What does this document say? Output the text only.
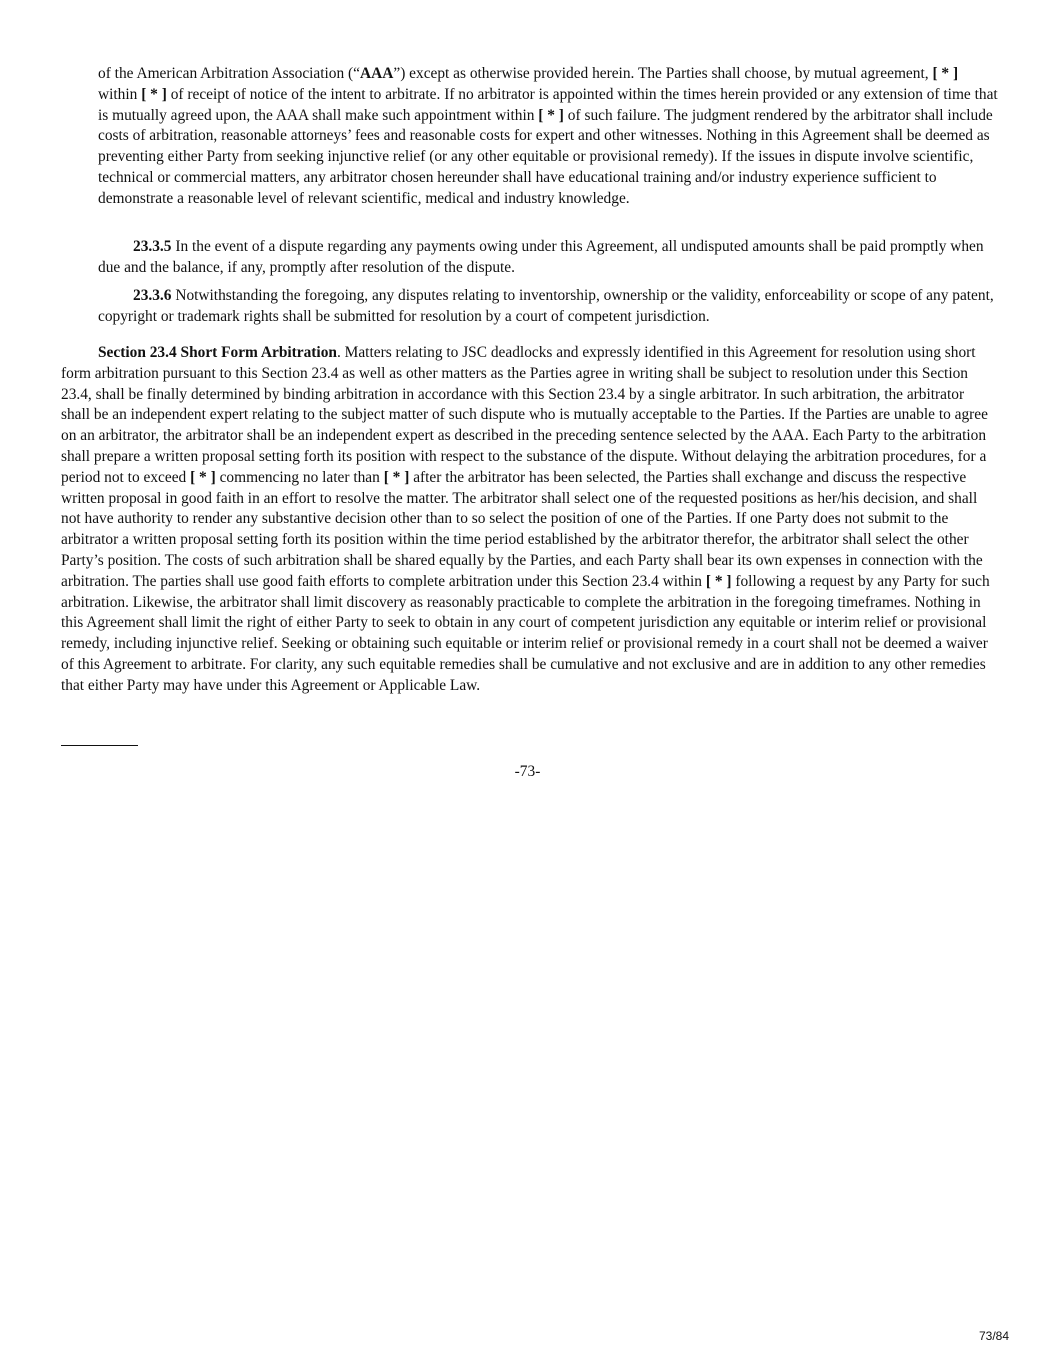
of the American Arbitration Association (“AAA”) except as otherwise provided herein. The Parties shall choose, by mutual agreement, [ * ] within [ * ] of receipt of notice of the intent to arbitrate. If no arbitrator is appointed within the times herein provided or any extension of time that is mutually agreed upon, the AAA shall make such appointment within [ * ] of such failure. The judgment rendered by the arbitrator shall include costs of arbitration, reasonable attorneys’ fees and reasonable costs for expert and other witnesses. Nothing in this Agreement shall be deemed as preventing either Party from seeking injunctive relief (or any other equitable or provisional remedy). If the issues in dispute involve scientific, technical or commercial matters, any arbitrator chosen hereunder shall have educational training and/or industry experience sufficient to demonstrate a reasonable level of relevant scientific, medical and industry knowledge.

23.3.5 In the event of a dispute regarding any payments owing under this Agreement, all undisputed amounts shall be paid promptly when due and the balance, if any, promptly after resolution of the dispute.

23.3.6 Notwithstanding the foregoing, any disputes relating to inventorship, ownership or the validity, enforceability or scope of any patent, copyright or trademark rights shall be submitted for resolution by a court of competent jurisdiction.

Section 23.4 Short Form Arbitration. Matters relating to JSC deadlocks and expressly identified in this Agreement for resolution using short form arbitration pursuant to this Section 23.4 as well as other matters as the Parties agree in writing shall be subject to resolution under this Section 23.4, shall be finally determined by binding arbitration in accordance with this Section 23.4 by a single arbitrator. In such arbitration, the arbitrator shall be an independent expert relating to the subject matter of such dispute who is mutually acceptable to the Parties. If the Parties are unable to agree on an arbitrator, the arbitrator shall be an independent expert as described in the preceding sentence selected by the AAA. Each Party to the arbitration shall prepare a written proposal setting forth its position with respect to the substance of the dispute. Without delaying the arbitration procedures, for a period not to exceed [ * ] commencing no later than [ * ] after the arbitrator has been selected, the Parties shall exchange and discuss the respective written proposal in good faith in an effort to resolve the matter. The arbitrator shall select one of the requested positions as her/his decision, and shall not have authority to render any substantive decision other than to so select the position of one of the Parties. If one Party does not submit to the arbitrator a written proposal setting forth its position within the time period established by the arbitrator therefor, the arbitrator shall select the other Party’s position. The costs of such arbitration shall be shared equally by the Parties, and each Party shall bear its own expenses in connection with the arbitration. The parties shall use good faith efforts to complete arbitration under this Section 23.4 within [ * ] following a request by any Party for such arbitration. Likewise, the arbitrator shall limit discovery as reasonably practicable to complete the arbitration in the foregoing timeframes. Nothing in this Agreement shall limit the right of either Party to seek to obtain in any court of competent jurisdiction any equitable or interim relief or provisional remedy, including injunctive relief. Seeking or obtaining such equitable or interim relief or provisional remedy in a court shall not be deemed a waiver of this Agreement to arbitrate. For clarity, any such equitable remedies shall be cumulative and not exclusive and are in addition to any other remedies that either Party may have under this Agreement or Applicable Law.

-73-
73/84
